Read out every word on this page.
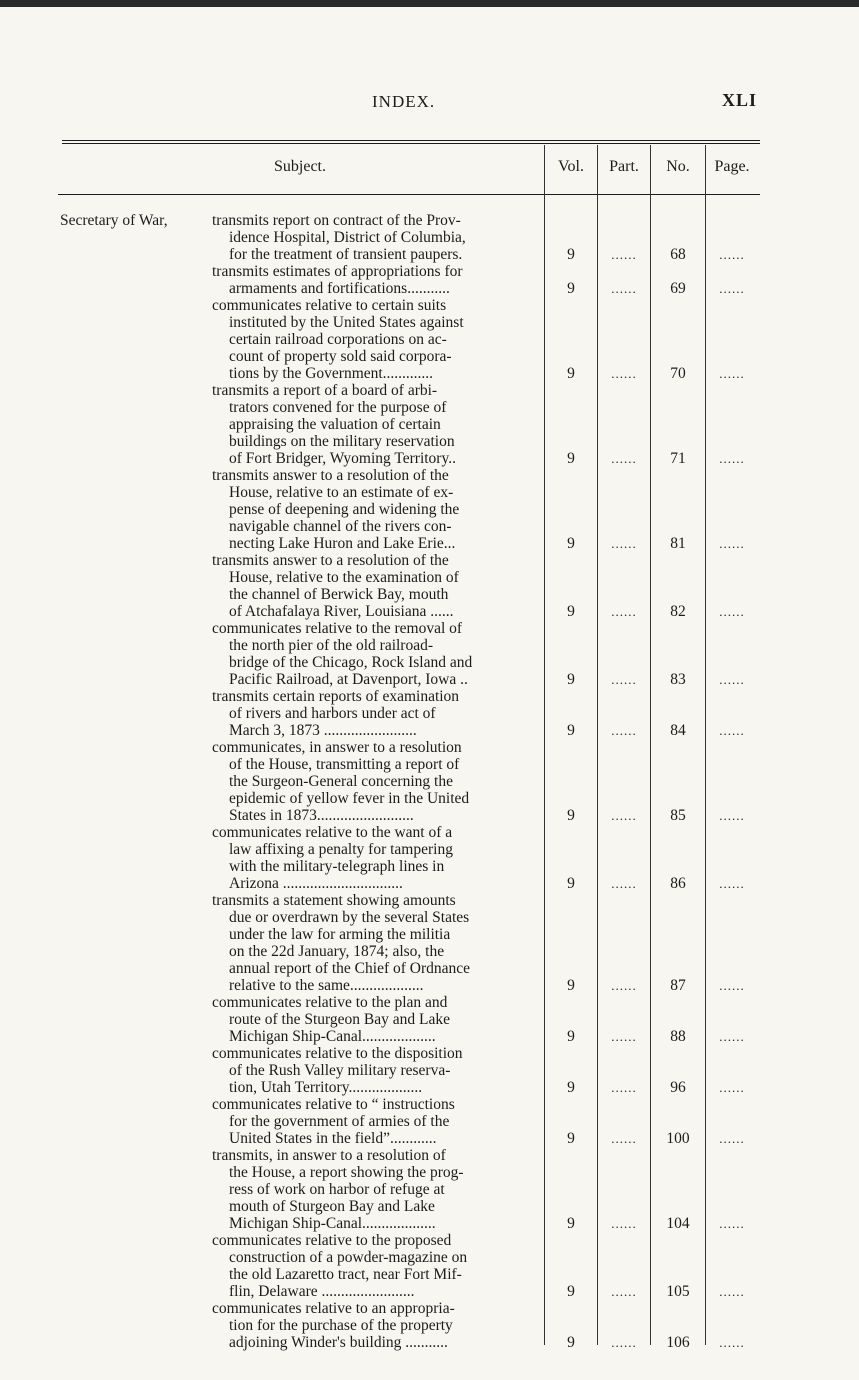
INDEX.	XLI
Subject.	Vol.	Part.	No.	Page.
Secretary of War,	transmits report on contract of the Prov-
idence Hospital, District of Columbia,
for the treatment of transient paupers.	9	......	68	......
transmits estimates of appropriations for
armaments and fortifications...........	9	......	69	......
communicates relative to certain suits
instituted by the United States against
certain railroad corporations on ac-
count of property sold said corpora-
tions by the Government.............	9	......	70	......
transmits a report of a board of arbi-
trators convened for the purpose of
appraising the valuation of certain
buildings on the military reservation
of Fort Bridger, Wyoming Territory..	9	......	71	......
transmits answer to a resolution of the
House, relative to an estimate of ex-
pense of deepening and widening the
navigable channel of the rivers con-
necting Lake Huron and Lake Erie...	9	......	81	......
transmits answer to a resolution of the
House, relative to the examination of
the channel of Berwick Bay, mouth
of Atchafalaya River, Louisiana ......	9	......	82	......
communicates relative to the removal of
the north pier of the old railroad-
bridge of the Chicago, Rock Island and
Pacific Railroad, at Davenport, Iowa ..	9	......	83	......
transmits certain reports of examination
of rivers and harbors under act of
March 3, 1873 ........................	9	......	84	......
communicates, in answer to a resolution
of the House, transmitting a report of
the Surgeon-General concerning the
epidemic of yellow fever in the United
States in 1873.........................	9	......	85	......
communicates relative to the want of a
law affixing a penalty for tampering
with the military-telegraph lines in
Arizona ...............................	9	......	86	......
transmits a statement showing amounts
due or overdrawn by the several States
under the law for arming the militia
on the 22d January, 1874; also, the
annual report of the Chief of Ordnance
relative to the same...................	9	......	87	......
communicates relative to the plan and
route of the Sturgeon Bay and Lake
Michigan Ship-Canal...................	9	......	88	......
communicates relative to the disposition
of the Rush Valley military reserva-
tion, Utah Territory...................	9	......	96	......
communicates relative to “ instructions
for the government of armies of the
United States in the field”............	9	......	100	......
transmits, in answer to a resolution of
the House, a report showing the prog-
ress of work on harbor of refuge at
mouth of Sturgeon Bay and Lake
Michigan Ship-Canal...................	9	......	104	......
communicates relative to the proposed
construction of a powder-magazine on
the old Lazaretto tract, near Fort Mif-
flin, Delaware ........................	9	......	105	......
communicates relative to an appropria-
tion for the purchase of the property
adjoining Winder's building ...........	9	......	106	......
